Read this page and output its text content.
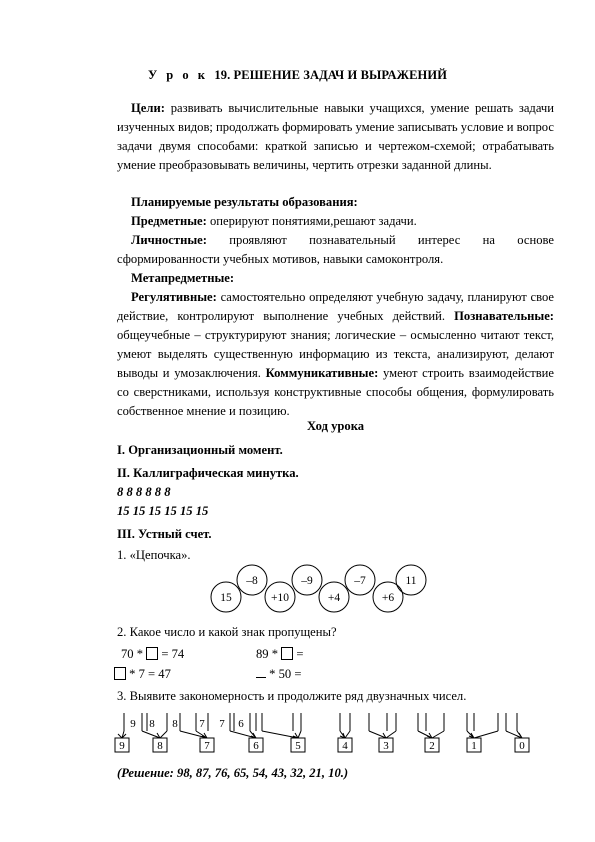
У р о к 19. РЕШЕНИЕ ЗАДАЧ И ВЫРАЖЕНИЙ

Цели: развивать вычислительные навыки учащихся, умение решать задачи изученных видов; продолжать формировать умение записывать условие и вопрос задачи двумя способами: краткой записью и чертежом-схемой; отрабатывать умение преобразовывать величины, чертить отрезки заданной длины.

Планируемые результаты образования:
Предметные: оперируют понятиями,решают задачи.

Личностные: проявляют познавательный интерес на основе сформированности учебных мотивов, навыки самоконтроля.

Метапредметные:

Регулятивные: самостоятельно определяют учебную задачу, планируют свое действие, контролируют выполнение учебных действий. Познавательные: общеучебные – структурируют знания; логические – осмысленно читают текст, умеют выделять существенную информацию из текста, анализируют, делают выводы и умозаключения. Коммуникативные: умеют строить взаимодействие со сверстниками, используя конструктивные способы общения, формулировать собственное мнение и позицию.

Ход урока
I. Организационный момент.
II. Каллиграфическая минутка.
8 8 8 8 8 8
15 15 15 15 15 15
III. Устный счет.
1. «Цепочка».
15
–8
+10
–9
+4
–7
+6
11
2. Какое число и какой знак пропущены?
70 * = 74
* 7 = 47
89 * =
* 50 =
3. Выявите закономерность и продолжите ряд двузначных чисел.
9 8 8 7 7 6
9	8	7	6	5	4	3	2	1	0
(Решение: 98, 87, 76, 65, 54, 43, 32, 21, 10.)
